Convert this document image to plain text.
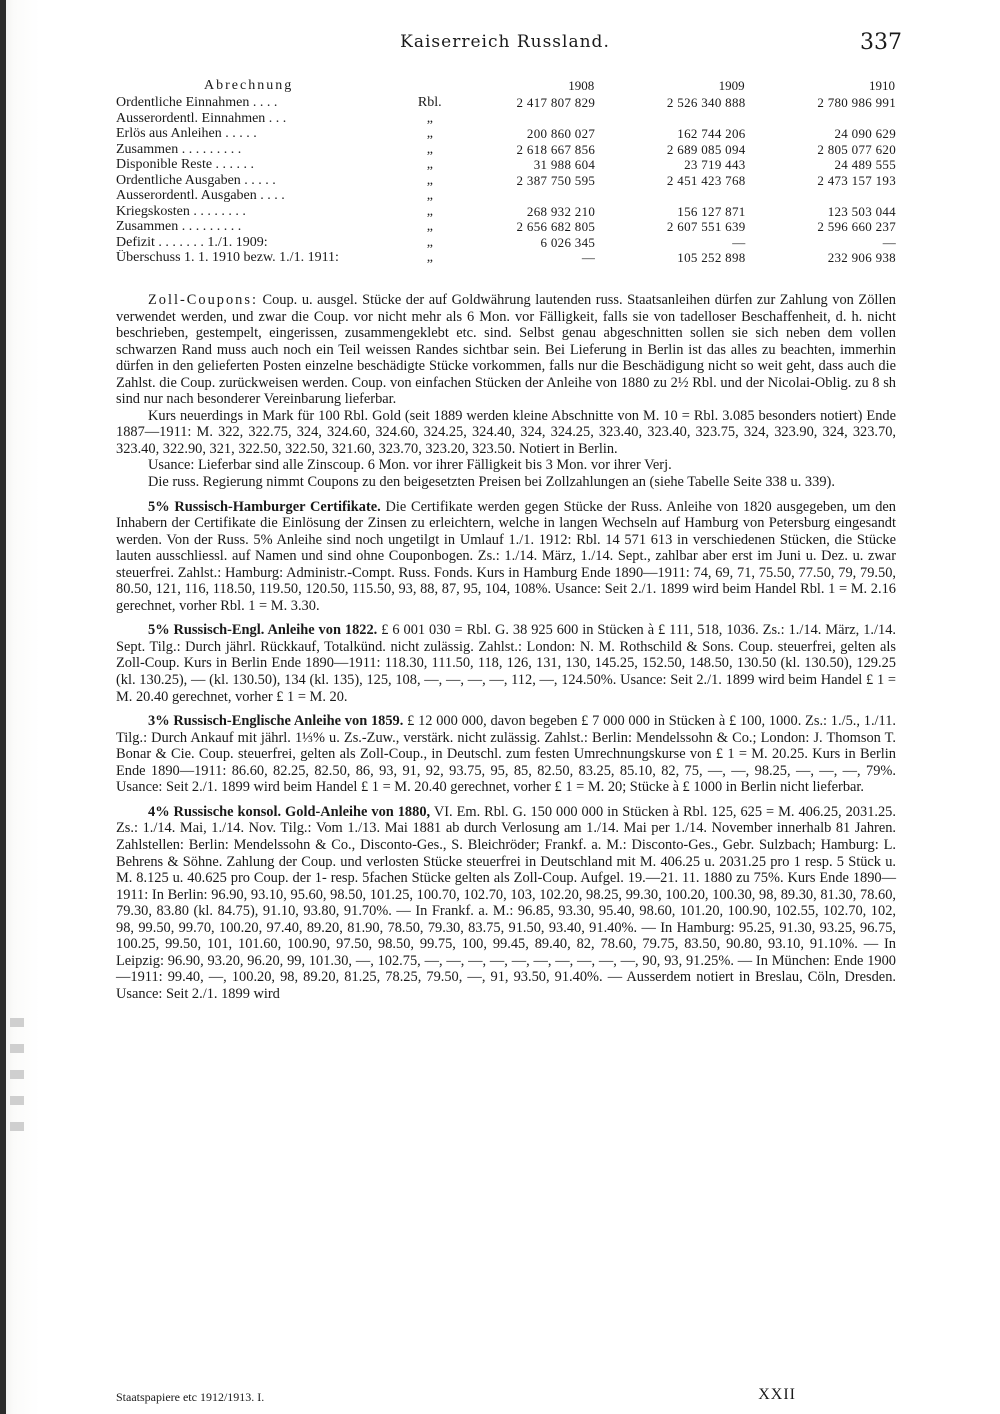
Kaiserreich Russland.	337
Abrechnung		1908	1909	1910
Ordentliche Einnahmen . . . .	Rbl.	2 417 807 829	2 526 340 888	2 780 986 991
Ausserordentl. Einnahmen . . .	„			
Erlös aus Anleihen . . . . .	„	200 860 027	162 744 206	24 090 629
Zusammen . . . . . . . . .	„	2 618 667 856	2 689 085 094	2 805 077 620
Disponible Reste . . . . . .	„	31 988 604	23 719 443	24 489 555
Ordentliche Ausgaben . . . . .	„	2 387 750 595	2 451 423 768	2 473 157 193
Ausserordentl. Ausgaben . . . .	„			
Kriegskosten . . . . . . . .	„	268 932 210	156 127 871	123 503 044
Zusammen . . . . . . . . .	„	2 656 682 805	2 607 551 639	2 596 660 237
Defizit . . . . . . . 1./1. 1909:	„	6 026 345	—	—
Überschuss 1. 1. 1910 bezw. 1./1. 1911:	„	—	105 252 898	232 906 938

Zoll-Coupons: Coup. u. ausgel. Stücke der auf Goldwährung lautenden russ. Staatsanleihen dürfen zur Zahlung von Zöllen verwendet werden, und zwar die Coup. vor nicht mehr als 6 Mon. vor Fälligkeit, falls sie von tadelloser Beschaffenheit, d. h. nicht beschrieben, gestempelt, eingerissen, zusammengeklebt etc. sind. Selbst genau abgeschnitten sollen sie sich neben dem vollen schwarzen Rand muss auch noch ein Teil weissen Randes sichtbar sein. Bei Lieferung in Berlin ist das alles zu beachten, immerhin dürfen in den gelieferten Posten einzelne beschädigte Stücke vorkommen, falls nur die Beschädigung nicht so weit geht, dass auch die Zahlst. die Coup. zurückweisen werden. Coup. von einfachen Stücken der Anleihe von 1880 zu 2½ Rbl. und der Nicolai-Oblig. zu 8 sh sind nur nach besonderer Vereinbarung lieferbar.

Kurs neuerdings in Mark für 100 Rbl. Gold (seit 1889 werden kleine Abschnitte von M. 10 = Rbl. 3.085 besonders notiert) Ende 1887—1911: M. 322, 322.75, 324, 324.60, 324.60, 324.25, 324.40, 324, 324.25, 323.40, 323.40, 323.75, 324, 323.90, 324, 323.70, 323.40, 322.90, 321, 322.50, 322.50, 321.60, 323.70, 323.20, 323.50. Notiert in Berlin.

Usance: Lieferbar sind alle Zinscoup. 6 Mon. vor ihrer Fälligkeit bis 3 Mon. vor ihrer Verj.

Die russ. Regierung nimmt Coupons zu den beigesetzten Preisen bei Zollzahlungen an (siehe Tabelle Seite 338 u. 339).

5% Russisch-Hamburger Certifikate. Die Certifikate werden gegen Stücke der Russ. Anleihe von 1820 ausgegeben, um den Inhabern der Certifikate die Einlösung der Zinsen zu erleichtern, welche in langen Wechseln auf Hamburg von Petersburg eingesandt werden. Von der Russ. 5% Anleihe sind noch ungetilgt in Umlauf 1./1. 1912: Rbl. 14 571 613 in verschiedenen Stücken, die Stücke lauten ausschliessl. auf Namen und sind ohne Couponbogen. Zs.: 1./14. März, 1./14. Sept., zahlbar aber erst im Juni u. Dez. u. zwar steuerfrei. Zahlst.: Hamburg: Administr.-Compt. Russ. Fonds. Kurs in Hamburg Ende 1890—1911: 74, 69, 71, 75.50, 77.50, 79, 79.50, 80.50, 121, 116, 118.50, 119.50, 120.50, 115.50, 93, 88, 87, 95, 104, 108%. Usance: Seit 2./1. 1899 wird beim Handel Rbl. 1 = M. 2.16 gerechnet, vorher Rbl. 1 = M. 3.30.

5% Russisch-Engl. Anleihe von 1822. £ 6 001 030 = Rbl. G. 38 925 600 in Stücken à £ 111, 518, 1036. Zs.: 1./14. März, 1./14. Sept. Tilg.: Durch jährl. Rückkauf, Totalkünd. nicht zulässig. Zahlst.: London: N. M. Rothschild & Sons. Coup. steuerfrei, gelten als Zoll-Coup. Kurs in Berlin Ende 1890—1911: 118.30, 111.50, 118, 126, 131, 130, 145.25, 152.50, 148.50, 130.50 (kl. 130.50), 129.25 (kl. 130.25), — (kl. 130.50), 134 (kl. 135), 125, 108, —, —, —, —, 112, —, 124.50%. Usance: Seit 2./1. 1899 wird beim Handel £ 1 = M. 20.40 gerechnet, vorher £ 1 = M. 20.

3% Russisch-Englische Anleihe von 1859. £ 12 000 000, davon begeben £ 7 000 000 in Stücken à £ 100, 1000. Zs.: 1./5., 1./11. Tilg.: Durch Ankauf mit jährl. 1⅓% u. Zs.-Zuw., verstärk. nicht zulässig. Zahlst.: Berlin: Mendelssohn & Co.; London: J. Thomson T. Bonar & Cie. Coup. steuerfrei, gelten als Zoll-Coup., in Deutschl. zum festen Umrechnungskurse von £ 1 = M. 20.25. Kurs in Berlin Ende 1890—1911: 86.60, 82.25, 82.50, 86, 93, 91, 92, 93.75, 95, 85, 82.50, 83.25, 85.10, 82, 75, —, —, 98.25, —, —, —, 79%. Usance: Seit 2./1. 1899 wird beim Handel £ 1 = M. 20.40 gerechnet, vorher £ 1 = M. 20; Stücke à £ 1000 in Berlin nicht lieferbar.

4% Russische konsol. Gold-Anleihe von 1880, VI. Em. Rbl. G. 150 000 000 in Stücken à Rbl. 125, 625 = M. 406.25, 2031.25. Zs.: 1./14. Mai, 1./14. Nov. Tilg.: Vom 1./13. Mai 1881 ab durch Verlosung am 1./14. Mai per 1./14. November innerhalb 81 Jahren. Zahlstellen: Berlin: Mendelssohn & Co., Disconto-Ges., S. Bleichröder; Frankf. a. M.: Disconto-Ges., Gebr. Sulzbach; Hamburg: L. Behrens & Söhne. Zahlung der Coup. und verlosten Stücke steuerfrei in Deutschland mit M. 406.25 u. 2031.25 pro 1 resp. 5 Stück u. M. 8.125 u. 40.625 pro Coup. der 1- resp. 5fachen Stücke gelten als Zoll-Coup. Aufgel. 19.—21. 11. 1880 zu 75%. Kurs Ende 1890—1911: In Berlin: 96.90, 93.10, 95.60, 98.50, 101.25, 100.70, 102.70, 103, 102.20, 98.25, 99.30, 100.20, 100.30, 98, 89.30, 81.30, 78.60, 79.30, 83.80 (kl. 84.75), 91.10, 93.80, 91.70%. — In Frankf. a. M.: 96.85, 93.30, 95.40, 98.60, 101.20, 100.90, 102.55, 102.70, 102, 98, 99.50, 99.70, 100.20, 97.40, 89.20, 81.90, 78.50, 79.30, 83.75, 91.50, 93.40, 91.40%. — In Hamburg: 95.25, 91.30, 93.25, 96.75, 100.25, 99.50, 101, 101.60, 100.90, 97.50, 98.50, 99.75, 100, 99.45, 89.40, 82, 78.60, 79.75, 83.50, 90.80, 93.10, 91.10%. — In Leipzig: 96.90, 93.20, 96.20, 99, 101.30, —, 102.75, —, —, —, —, —, —, —, —, —, —, 90, 93, 91.25%. — In München: Ende 1900—1911: 99.40, —, 100.20, 98, 89.20, 81.25, 78.25, 79.50, —, 91, 93.50, 91.40%. — Ausserdem notiert in Breslau, Cöln, Dresden. Usance: Seit 2./1. 1899 wird

Staatspapiere etc 1912/1913. I.	XXII
